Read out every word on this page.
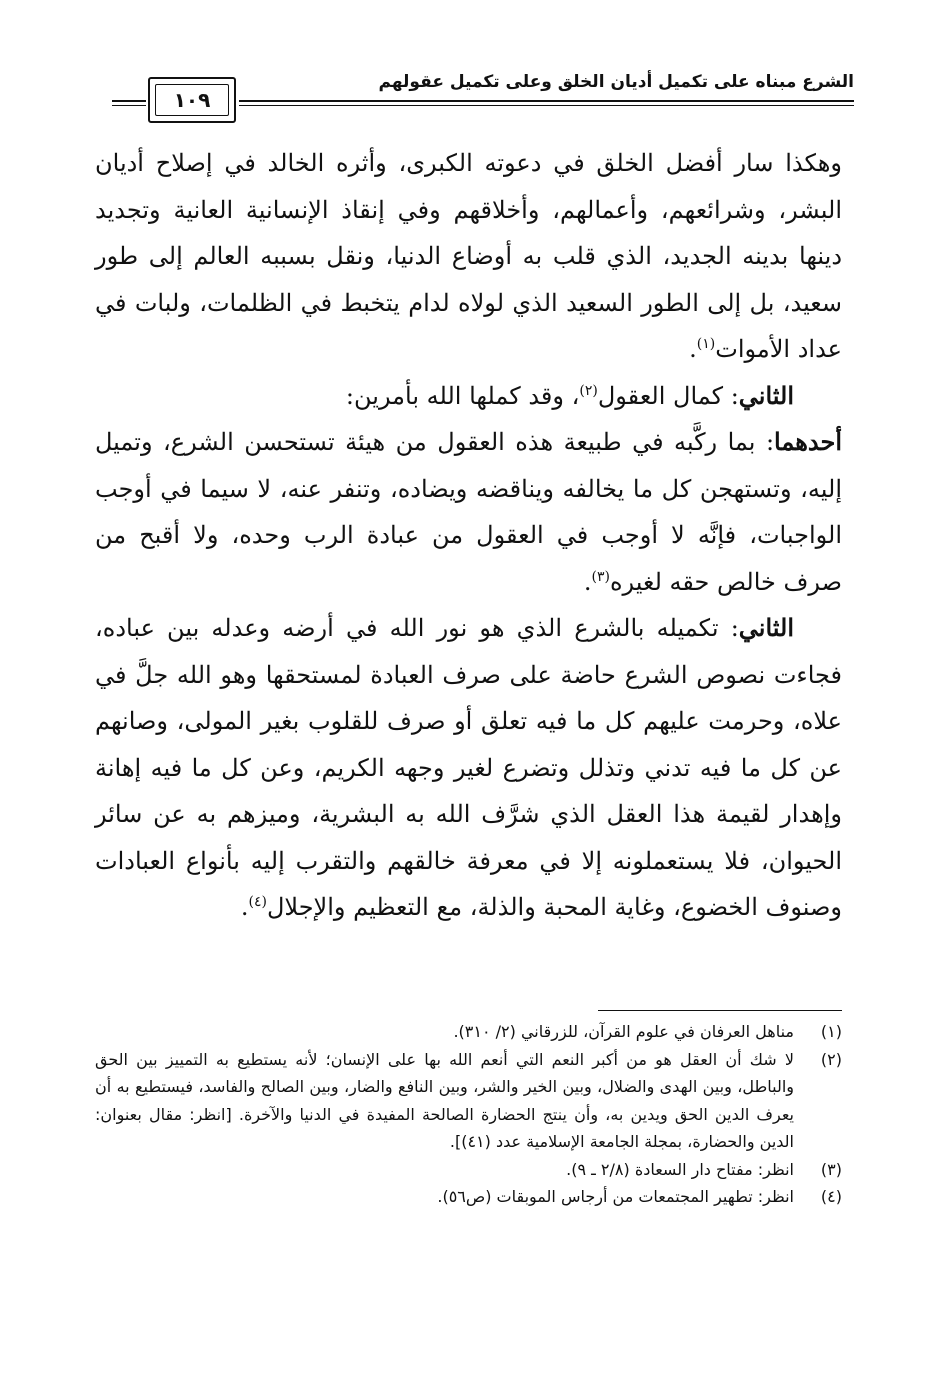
الشرع مبناه على تكميل أديان الخلق وعلى تكميل عقولهم
١٠٩

وهكذا سار أفضل الخلق في دعوته الكبرى، وأثره الخالد في إصلاح أديان البشر، وشرائعهم، وأعمالهم، وأخلاقهم وفي إنقاذ الإنسانية العانية وتجديد دينها بدينه الجديد، الذي قلب به أوضاع الدنيا، ونقل بسببه العالم إلى طور سعيد، بل إلى الطور السعيد الذي لولاه لدام يتخبط في الظلمات، ولبات في عداد الأموات$^{(١)}$.

الثاني: كمال العقول$^{(٢)}$، وقد كملها الله بأمرين:

أحدهما: بما ركَّبه في طبيعة هذه العقول من هيئة تستحسن الشرع، وتميل إليه، وتستهجن كل ما يخالفه ويناقضه ويضاده، وتنفر عنه، لا سيما في أوجب الواجبات، فإنَّه لا أوجب في العقول من عبادة الرب وحده، ولا أقبح من صرف خالص حقه لغيره$^{(٣)}$.

الثاني: تكميله بالشرع الذي هو نور الله في أرضه وعدله بين عباده، فجاءت نصوص الشرع حاضة على صرف العبادة لمستحقها وهو الله جلَّ في علاه، وحرمت عليهم كل ما فيه تعلق أو صرف للقلوب بغير المولى، وصانهم عن كل ما فيه تدني وتذلل وتضرع لغير وجهه الكريم، وعن كل ما فيه إهانة وإهدار لقيمة هذا العقل الذي شرَّف الله به البشرية، وميزهم به عن سائر الحيوان، فلا يستعملونه إلا في معرفة خالقهم والتقرب إليه بأنواع العبادات وصنوف الخضوع، وغاية المحبة والذلة، مع التعظيم والإجلال$^{(٤)}$.

(١)
مناهل العرفان في علوم القرآن، للزرقاني (٢/ ٣١٠).
(٢)
لا شك أن العقل هو من أكبر النعم التي أنعم الله بها على الإنسان؛ لأنه يستطيع به التمييز بين الحق والباطل، وبين الهدى والضلال، وبين الخير والشر، وبين النافع والضار، وبين الصالح والفاسد، فيستطيع به أن يعرف الدين الحق ويدين به، وأن ينتج الحضارة الصالحة المفيدة في الدنيا والآخرة. [انظر: مقال بعنوان: الدين والحضارة، بمجلة الجامعة الإسلامية عدد (٤١)].
(٣)
انظر: مفتاح دار السعادة (٢/٨ ـ ٩).
(٤)
انظر: تطهير المجتمعات من أرجاس الموبقات (ص٥٦).
